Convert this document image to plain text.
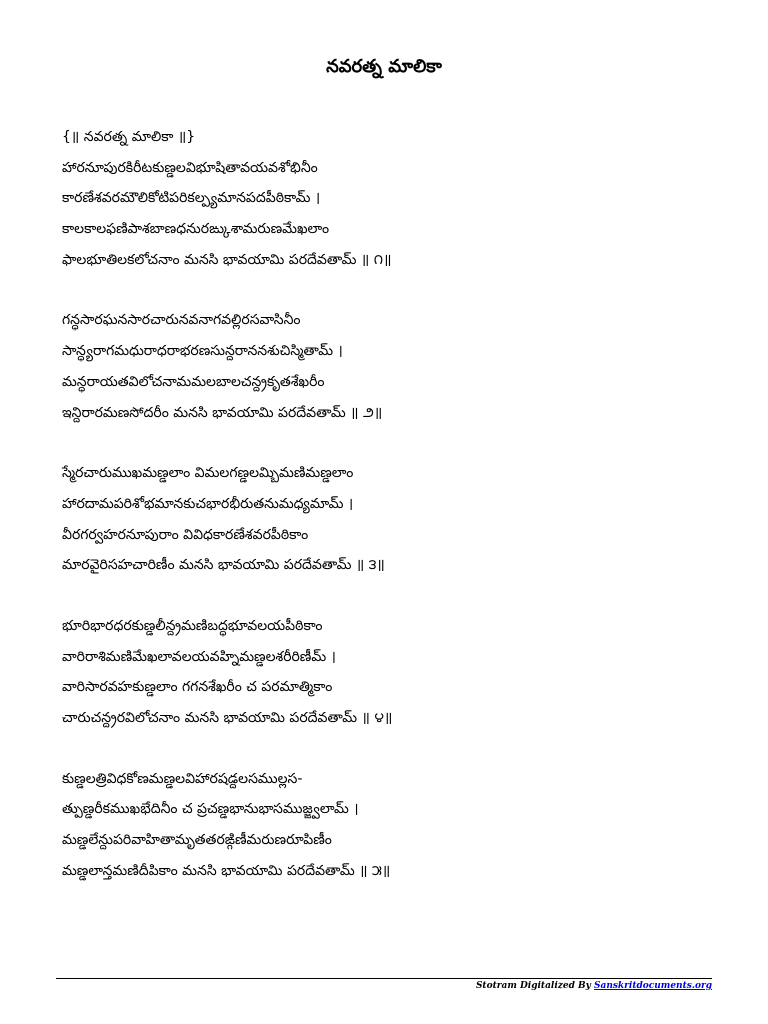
నవరత్న మాలికా
{॥ నవరత్న మాలికా ॥}
హారనూపురకిరీటకుణ్డలవిభూషితావయవశోభినీం
కారణేశవరమౌలికోటిపరికల్ప్యమానపదపీఠికామ్ ।
కాలకాలఫణిపాశబాణధనురఙ్కుశామరుణమేఖలాం
ఫాలభూతిలకలోచనాం మనసి భావయామి పరదేవతామ్ ॥ ౧॥
గన్ధసారఘనసారచారునవనాగవల్లిరసవాసినీం
సాన్ధ్యరాగమధురాధరాభరణసున్దరాననశుచిస్మితామ్ ।
మన్ధరాయతవిలోచనామమలబాలచన్ద్రకృతశేఖరీం
ఇన్దిరారమణసోదరీం మనసి భావయామి పరదేవతామ్ ॥ ౨॥
స్మేరచారుముఖమణ్డలాం విమలగణ్డలమ్బిమణిమణ్డలాం
హారదామపరిశోభమానకుచభారభీరుతనుమధ్యమామ్ ।
వీరగర్వహరనూపురాం వివిధకారణేశవరపీఠికాం
మారవైరిసహచారిణీం మనసి భావయామి పరదేవతామ్ ॥ ౩॥
భూరిభారధరకుణ్డలీన్ద్రమణిబద్ధభూవలయపీఠికాం
వారిరాశిమణిమేఖలావలయవహ్నిమణ్డలశరీరిణీమ్ ।
వారిసారవహకుణ్డలాం గగనశేఖరీం చ పరమాత్మికాం
చారుచన్ద్రరవిలోచనాం మనసి భావయామి పరదేవతామ్ ॥ ౪॥
కుణ్డలత్రివిధకోణమణ్డలవిహారషడ్దలసముల్లస-
త్పుణ్డరీకముఖభేదినీం చ ప్రచణ్డభానుభాసముజ్జ్వలామ్ ।
మణ్డలేన్దుపరివాహితామృతతరఙ్గిణీమరుణరూపిణీం
మణ్డలాన్తమణిదీపికాం మనసి భావయామి పరదేవతామ్ ॥ ౫॥
Stotram Digitalized By Sanskritdocuments.org
